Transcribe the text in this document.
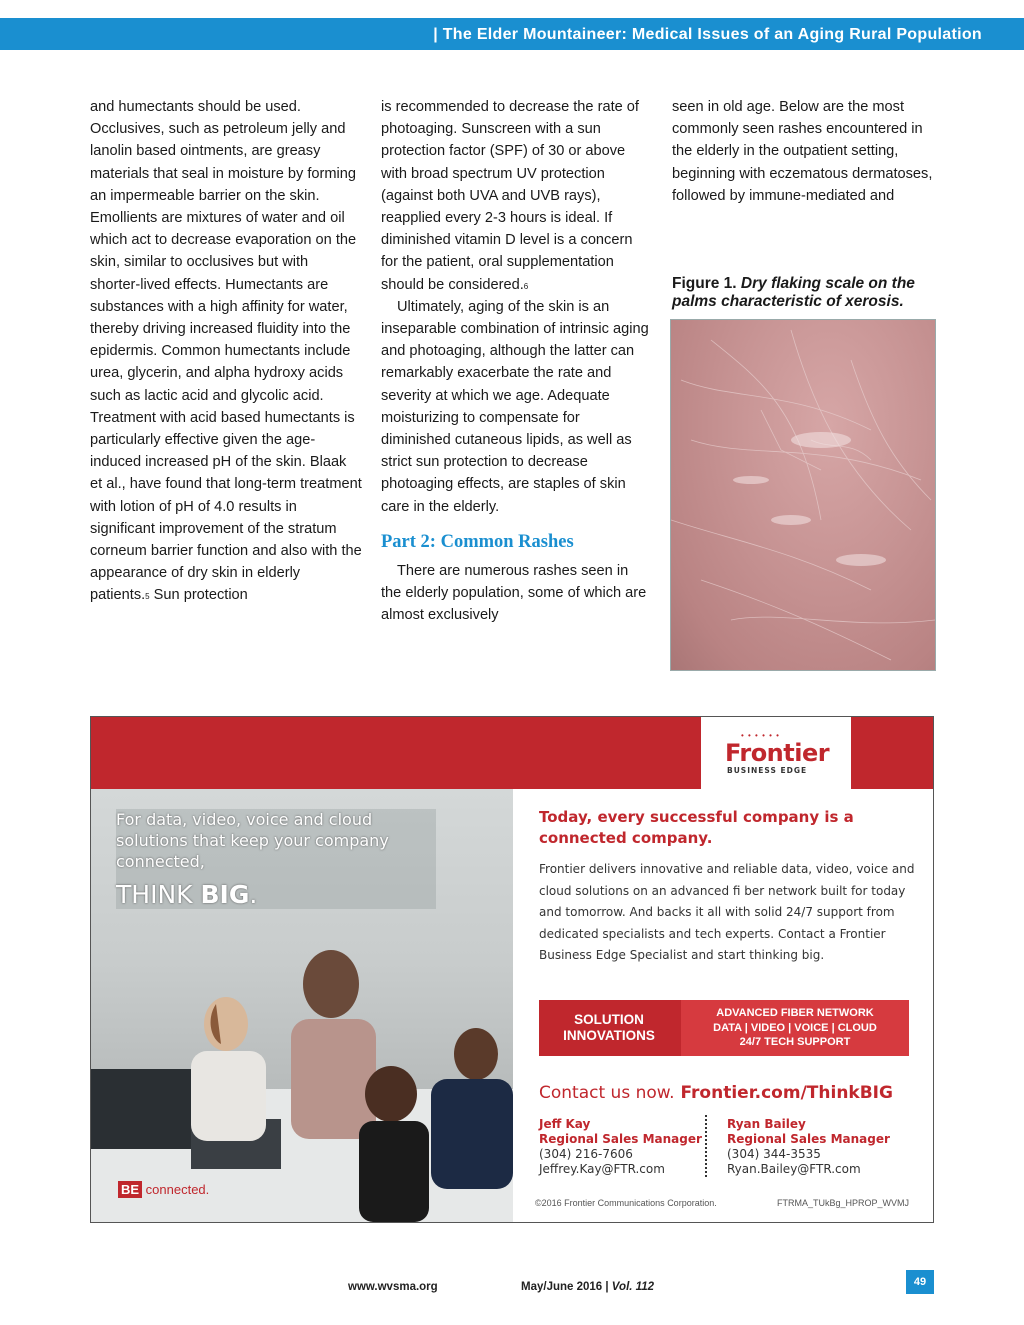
| The Elder Mountaineer: Medical Issues of an Aging Rural Population

and humectants should be used. Occlusives, such as petroleum jelly and lanolin based ointments, are greasy materials that seal in moisture by forming an impermeable barrier on the skin. Emollients are mixtures of water and oil which act to decrease evaporation on the skin, similar to occlusives but with shorter-lived effects. Humectants are substances with a high affinity for water, thereby driving increased fluidity into the epidermis. Common humectants include urea, glycerin, and alpha hydroxy acids such as lactic acid and glycolic acid. Treatment with acid based humectants is particularly effective given the age-induced increased pH of the skin. Blaak et al., have found that long-term treatment with lotion of pH of 4.0 results in significant improvement of the stratum corneum barrier function and also with the appearance of dry skin in elderly patients.$^5$ Sun protection

is recommended to decrease the rate of photoaging. Sunscreen with a sun protection factor (SPF) of 30 or above with broad spectrum UV protection (against both UVA and UVB rays), reapplied every 2-3 hours is ideal. If diminished vitamin D level is a concern for the patient, oral supplementation should be considered.$^6$

Ultimately, aging of the skin is an inseparable combination of intrinsic aging and photoaging, although the latter can remarkably exacerbate the rate and severity at which we age. Adequate moisturizing to compensate for diminished cutaneous lipids, as well as strict sun protection to decrease photoaging effects, are staples of skin care in the elderly.

Part 2: Common Rashes

There are numerous rashes seen in the elderly population, some of which are almost exclusively

seen in old age. Below are the most commonly seen rashes encountered in the elderly in the outpatient setting, beginning with eczematous dermatoses, followed by immune-mediated and

Figure 1. Dry flaking scale on the palms characteristic of xerosis.
• • • • • •
Frontier
BUSINESS EDGE
For data, video, voice and cloud solutions that keep your company connected,
THINK BIG.
BE connected.
Today, every successful company is a connected company.
Frontier delivers innovative and reliable data, video, voice and cloud solutions on an advanced fi ber network built for today and tomorrow. And backs it all with solid 24/7 support from dedicated specialists and tech experts. Contact a Frontier Business Edge Specialist and start thinking big.
SOLUTION
INNOVATIONS
ADVANCED FIBER NETWORK
DATA | VIDEO | VOICE | CLOUD
24/7 TECH SUPPORT
Contact us now. Frontier.com/ThinkBIG
Jeff Kay
Regional Sales Manager
(304) 216-7606
Jeffrey.Kay@FTR.com
Ryan Bailey
Regional Sales Manager
(304) 344-3535
Ryan.Bailey@FTR.com
©2016 Frontier Communications Corporation.	FTRMA_TUkBg_HPROP_WVMJ
www.wvsma.org	May/June 2016 | Vol. 112	49
